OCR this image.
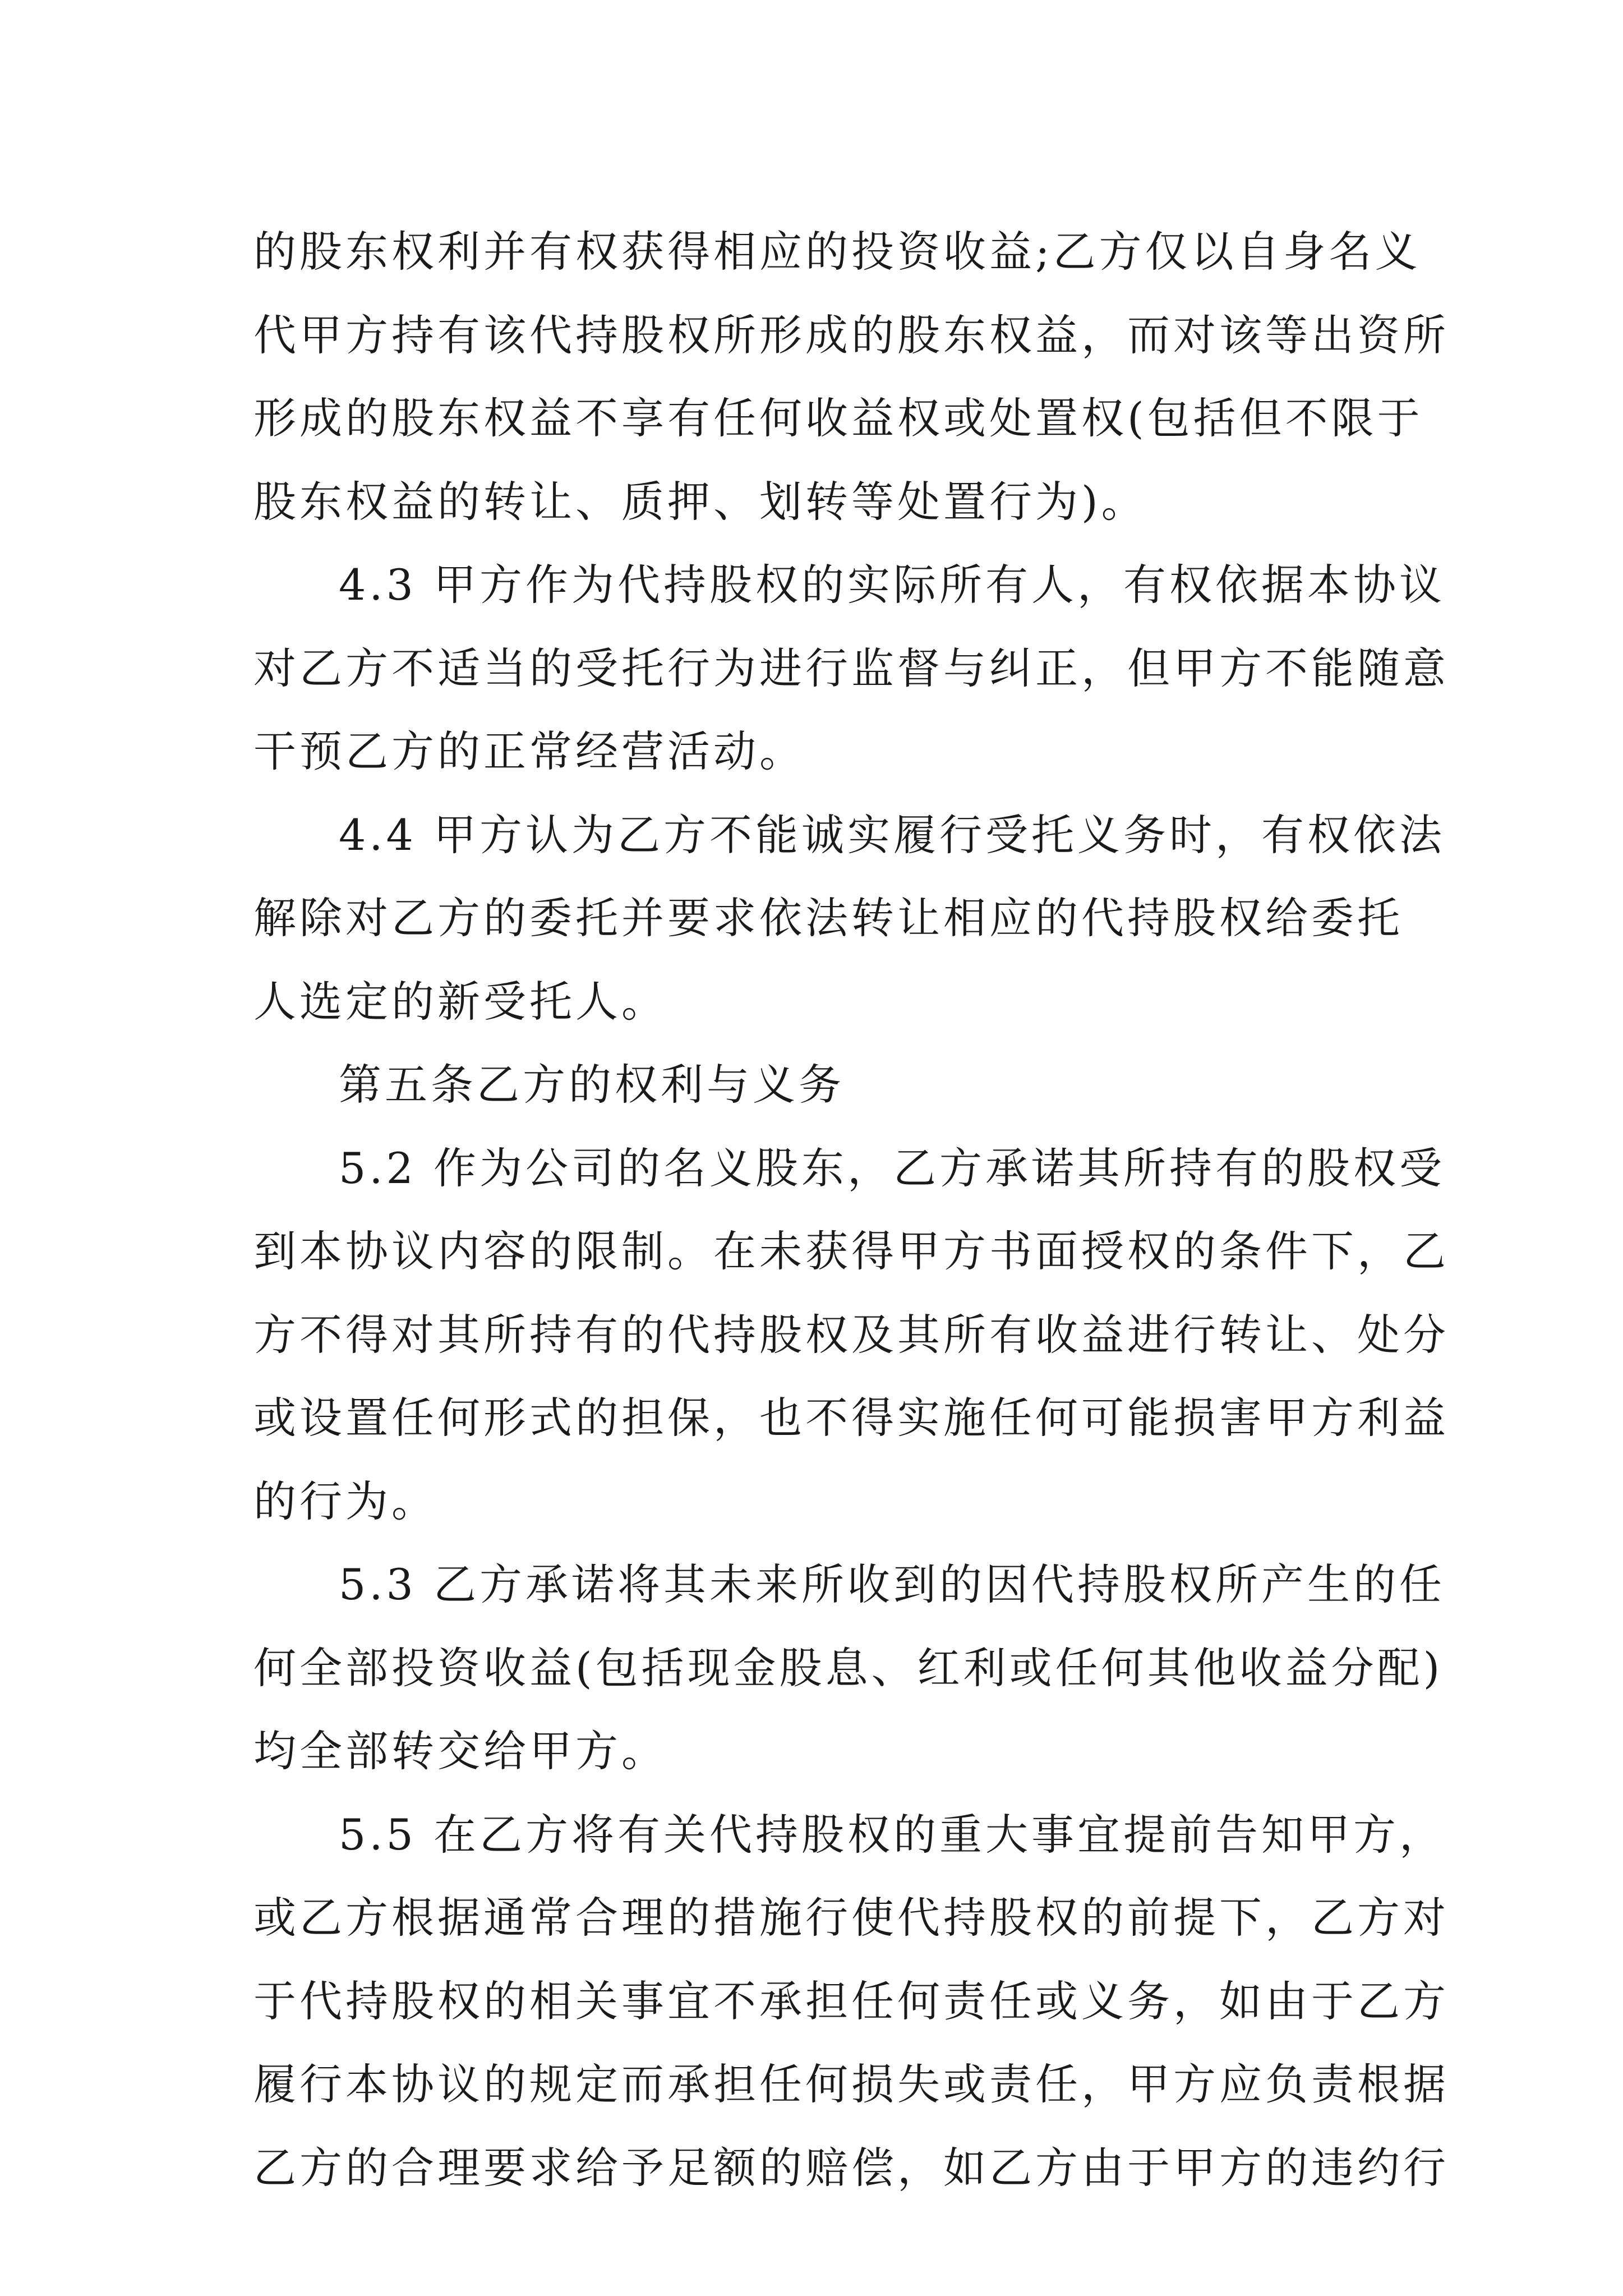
的股东权利并有权获得相应的投资收益;乙方仅以自身名义
代甲方持有该代持股权所形成的股东权益，而对该等出资所
形成的股东权益不享有任何收益权或处置权(包括但不限于
股东权益的转让、质押、划转等处置行为)。
4.3 甲方作为代持股权的实际所有人，有权依据本协议
对乙方不适当的受托行为进行监督与纠正，但甲方不能随意
干预乙方的正常经营活动。
4.4 甲方认为乙方不能诚实履行受托义务时，有权依法
解除对乙方的委托并要求依法转让相应的代持股权给委托
人选定的新受托人。
第五条乙方的权利与义务
5.2 作为公司的名义股东，乙方承诺其所持有的股权受
到本协议内容的限制。在未获得甲方书面授权的条件下，乙
方不得对其所持有的代持股权及其所有收益进行转让、处分
或设置任何形式的担保，也不得实施任何可能损害甲方利益
的行为。
5.3 乙方承诺将其未来所收到的因代持股权所产生的任
何全部投资收益(包括现金股息、红利或任何其他收益分配)
均全部转交给甲方。
5.5 在乙方将有关代持股权的重大事宜提前告知甲方，
或乙方根据通常合理的措施行使代持股权的前提下，乙方对
于代持股权的相关事宜不承担任何责任或义务，如由于乙方
履行本协议的规定而承担任何损失或责任，甲方应负责根据
乙方的合理要求给予足额的赔偿，如乙方由于甲方的违约行
